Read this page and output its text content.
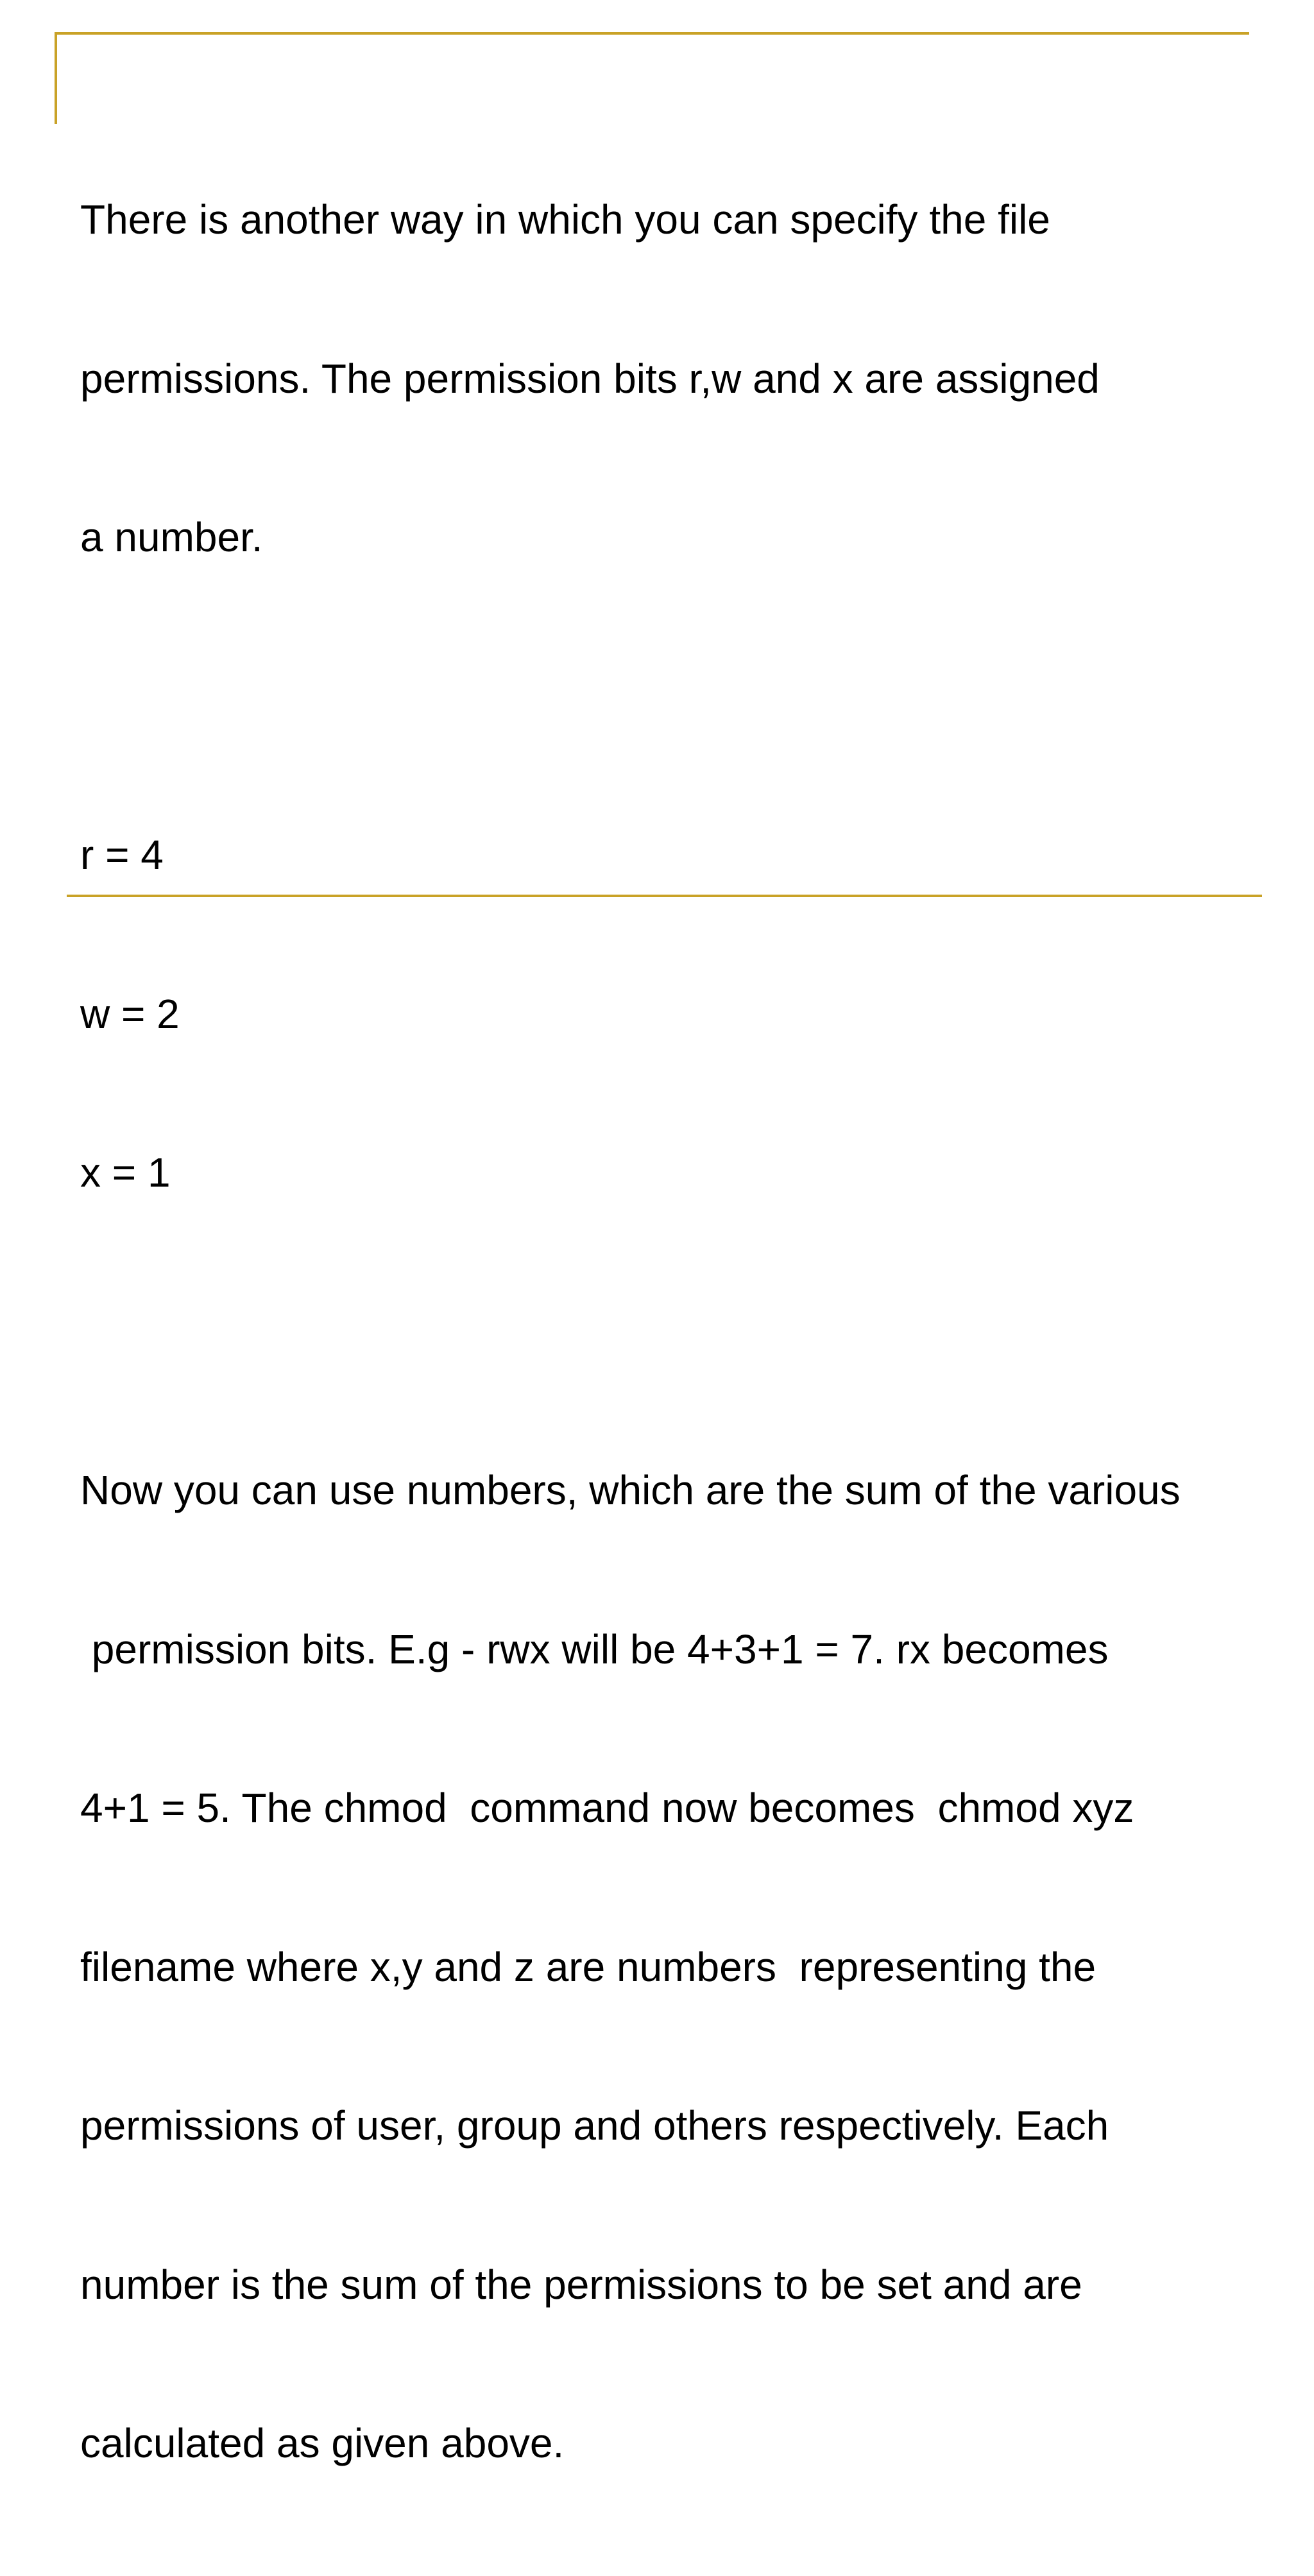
There is another way in which you can specify the file

permissions. The permission bits r,w and x are assigned

a number.

r = 4

w = 2

x = 1

Now you can use numbers, which are the sum of the various

permission bits. E.g - rwx will be 4+3+1 = 7. rx becomes

4+1 = 5. The chmod  command now becomes  chmod xyz

filename where x,y and z are numbers  representing the

permissions of user, group and others respectively. Each

number is the sum of the permissions to be set and are

calculated as given above.
